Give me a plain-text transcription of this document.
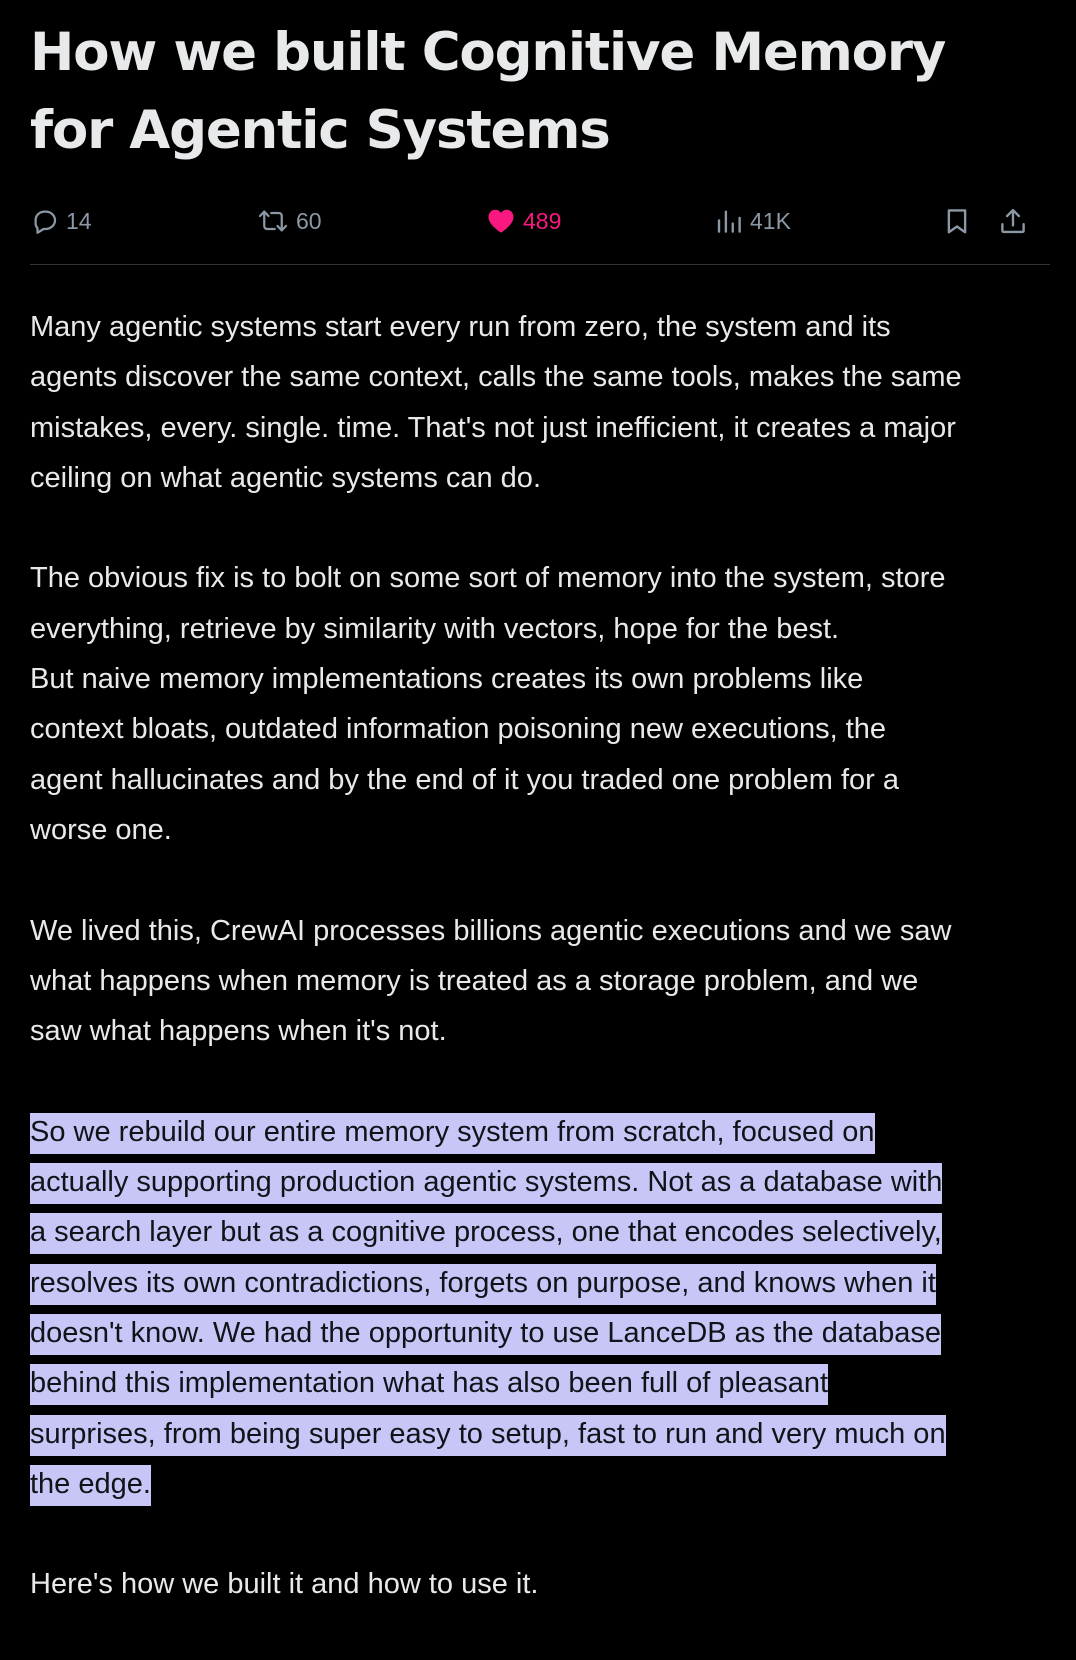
How we built Cognitive Memory for Agentic Systems
14	60	489	41K

Many agentic systems start every run from zero, the system and its
agents discover the same context, calls the same tools, makes the same
mistakes, every. single. time. That's not just inefficient, it creates a major
ceiling on what agentic systems can do.

The obvious fix is to bolt on some sort of memory into the system, store
everything, retrieve by similarity with vectors, hope for the best.
But naive memory implementations creates its own problems like
context bloats, outdated information poisoning new executions, the
agent hallucinates and by the end of it you traded one problem for a
worse one.

We lived this, CrewAI processes billions agentic executions and we saw
what happens when memory is treated as a storage problem, and we
saw what happens when it's not.

So we rebuild our entire memory system from scratch, focused on
actually supporting production agentic systems. Not as a database with
a search layer but as a cognitive process, one that encodes selectively,
resolves its own contradictions, forgets on purpose, and knows when it
doesn't know. We had the opportunity to use LanceDB as the database
behind this implementation what has also been full of pleasant
surprises, from being super easy to setup, fast to run and very much on
the edge.

Here's how we built it and how to use it.
